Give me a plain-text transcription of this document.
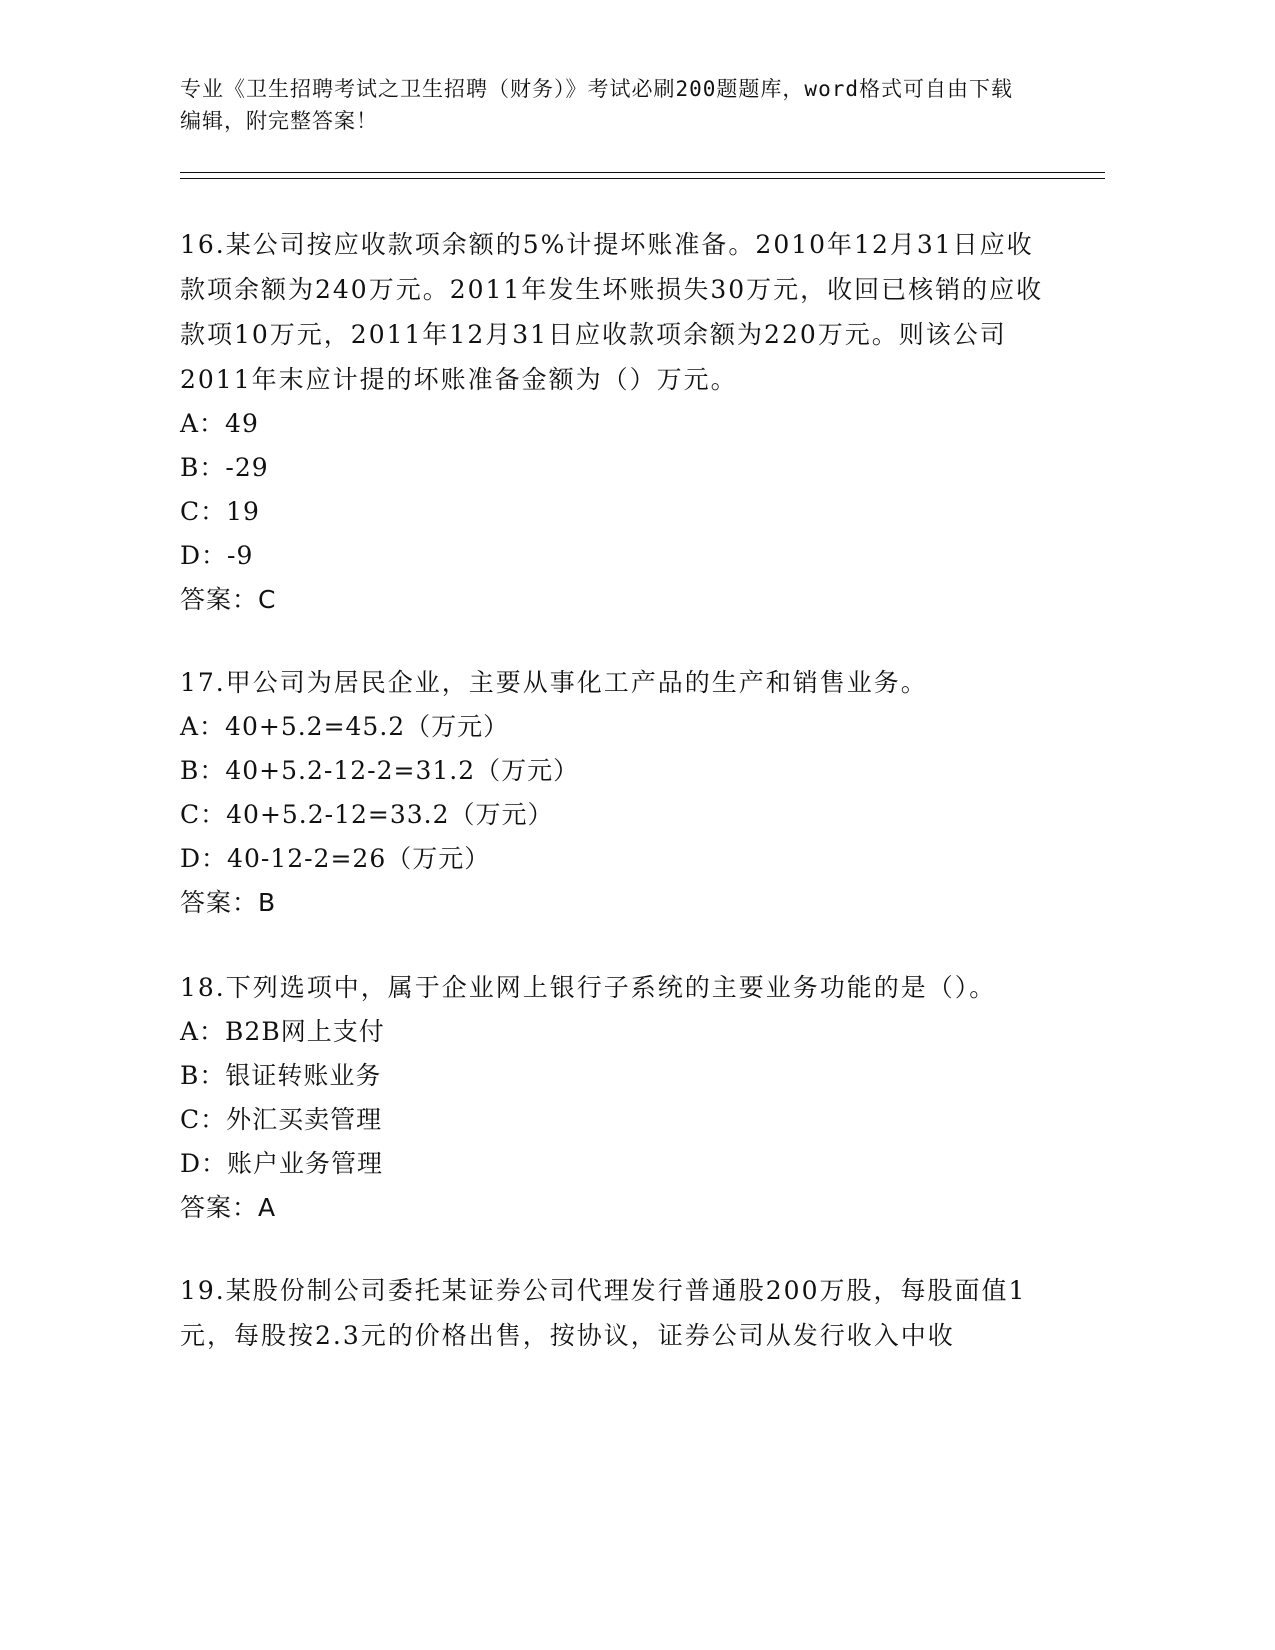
专业《卫生招聘考试之卫生招聘（财务）》考试必刷200题题库，word格式可自由下载编辑，附完整答案！

16.某公司按应收款项余额的5%计提坏账准备。2010年12月31日应收款项余额为240万元。2011年发生坏账损失30万元，收回已核销的应收款项10万元，2011年12月31日应收款项余额为220万元。则该公司2011年末应计提的坏账准备金额为（）万元。

A：49

B：-29

C：19

D：-9

答案：C

17.甲公司为居民企业，主要从事化工产品的生产和销售业务。

A：40+5.2=45.2（万元）

B：40+5.2-12-2=31.2（万元）

C：40+5.2-12=33.2（万元）

D：40-12-2=26（万元）

答案：B

18.下列选项中，属于企业网上银行子系统的主要业务功能的是（）。

A：B2B网上支付

B：银证转账业务

C：外汇买卖管理

D：账户业务管理

答案：A

19.某股份制公司委托某证券公司代理发行普通股200万股，每股面值1元，每股按2.3元的价格出售，按协议，证券公司从发行收入中收
